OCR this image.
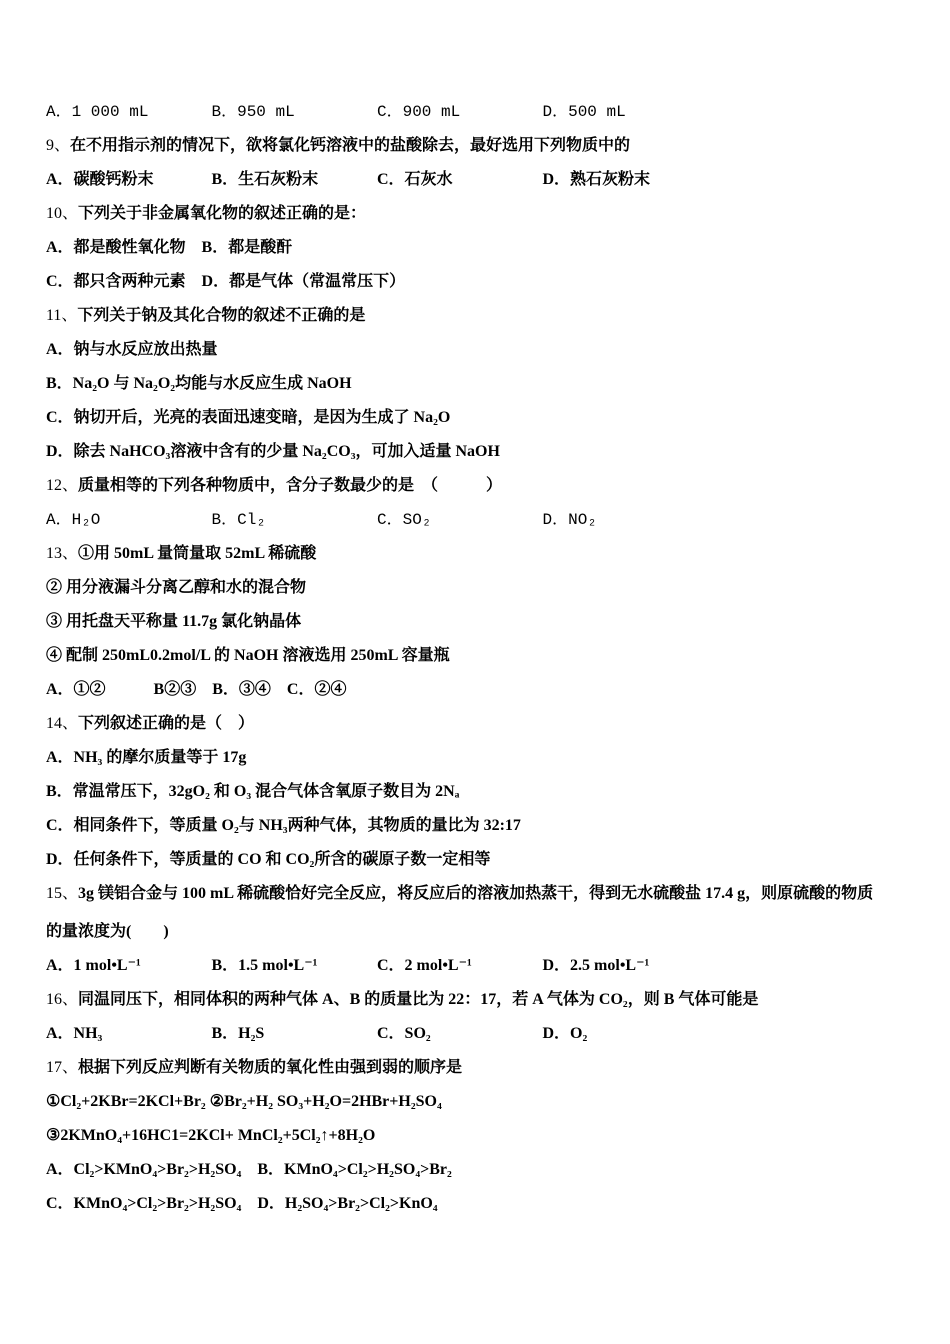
A．1 000 mL	B．950 mL	C．900 mL	D．500 mL
9、在不用指示剂的情况下，欲将氯化钙溶液中的盐酸除去，最好选用下列物质中的
A．碳酸钙粉末	B．生石灰粉末	C．石灰水	D．熟石灰粉末
10、下列关于非金属氧化物的叙述正确的是：
A．都是酸性氧化物　B．都是酸酐
C．都只含两种元素　D．都是气体（常温常压下）
11、下列关于钠及其化合物的叙述不正确的是
A．钠与水反应放出热量
B．Na₂O 与 Na₂O₂均能与水反应生成 NaOH
C．钠切开后，光亮的表面迅速变暗，是因为生成了 Na₂O
D．除去 NaHCO₃溶液中含有的少量 Na₂CO₃，可加入适量 NaOH
12、质量相等的下列各种物质中，含分子数最少的是　（　　　）
A．H₂O	B．Cl₂	C．SO₂	D．NO₂
13、①用 50mL 量筒量取 52mL 稀硫酸
② 用分液漏斗分离乙醇和水的混合物
③ 用托盘天平称量 11.7g 氯化钠晶体
④ 配制 250mL0.2mol/L 的 NaOH 溶液选用 250mL 容量瓶
A．①②　　　B②③　B．③④　C．②④
14、下列叙述正确的是（　）
A．NH₃ 的摩尔质量等于 17g
B．常温常压下，32gO₂ 和 O₃ 混合气体含氧原子数目为 2Nₐ
C．相同条件下，等质量 O₂与 NH₃两种气体，其物质的量比为 32:17
D．任何条件下，等质量的 CO 和 CO₂所含的碳原子数一定相等
15、3g 镁铝合金与 100 mL 稀硫酸恰好完全反应，将反应后的溶液加热蒸干，得到无水硫酸盐 17.4 g，则原硫酸的物质
的量浓度为(　　)
A．1 mol•L⁻¹	B．1.5 mol•L⁻¹	C．2 mol•L⁻¹	D．2.5 mol•L⁻¹
16、同温同压下，相同体积的两种气体 A、B 的质量比为 22：17，若 A 气体为 CO₂，则 B 气体可能是
A．NH₃	B．H₂S	C．SO₂	D．O₂
17、根据下列反应判断有关物质的氧化性由强到弱的顺序是
①Cl₂+2KBr=2KCl+Br₂ ②Br₂+H₂ SO₃+H₂O=2HBr+H₂SO₄
③2KMnO₄+16HC1=2KCl+ MnCl₂+5Cl₂↑+8H₂O
A．Cl₂>KMnO₄>Br₂>H₂SO₄　B．KMnO₄>Cl₂>H₂SO₄>Br₂
C．KMnO₄>Cl₂>Br₂>H₂SO₄　D．H₂SO₄>Br₂>Cl₂>KnO₄
